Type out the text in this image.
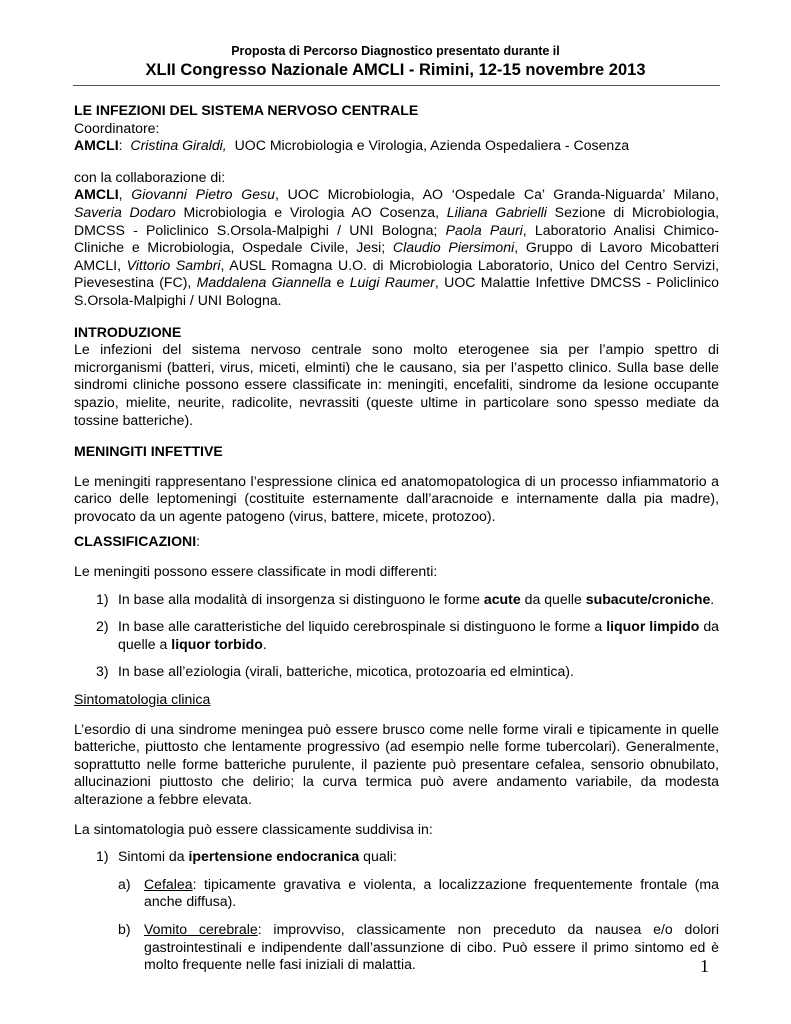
Proposta di Percorso Diagnostico presentato durante il
XLII Congresso Nazionale AMCLI - Rimini, 12-15 novembre 2013

LE INFEZIONI DEL SISTEMA NERVOSO CENTRALE

Coordinatore:

AMCLI: Cristina Giraldi, UOC Microbiologia e Virologia, Azienda Ospedaliera - Cosenza

con la collaborazione di:

AMCLI, Giovanni Pietro Gesu, UOC Microbiologia, AO ‘Ospedale Ca’ Granda-Niguarda’ Milano, Saveria Dodaro Microbiologia e Virologia AO Cosenza, Liliana Gabrielli Sezione di Microbiologia, DMCSS - Policlinico S.Orsola-Malpighi / UNI Bologna; Paola Pauri, Laboratorio Analisi Chimico-Cliniche e Microbiologia, Ospedale Civile, Jesi; Claudio Piersimoni, Gruppo di Lavoro Micobatteri AMCLI, Vittorio Sambri, AUSL Romagna U.O. di Microbiologia Laboratorio, Unico del Centro Servizi, Pievesestina (FC), Maddalena Giannella e Luigi Raumer, UOC Malattie Infettive DMCSS - Policlinico S.Orsola-Malpighi / UNI Bologna.

INTRODUZIONE

Le infezioni del sistema nervoso centrale sono molto eterogenee sia per l’ampio spettro di microrganismi (batteri, virus, miceti, elminti) che le causano, sia per l’aspetto clinico. Sulla base delle sindromi cliniche possono essere classificate in: meningiti, encefaliti, sindrome da lesione occupante spazio, mielite, neurite, radicolite, nevrassiti (queste ultime in particolare sono spesso mediate da tossine batteriche).

MENINGITI INFETTIVE

Le meningiti rappresentano l’espressione clinica ed anatomopatologica di un processo infiammatorio a carico delle leptomeningi (costituite esternamente dall’aracnoide e internamente dalla pia madre), provocato da un agente patogeno (virus, battere, micete, protozoo).

CLASSIFICAZIONI:

Le meningiti possono essere classificate in modi differenti:

1) In base alla modalità di insorgenza si distinguono le forme acute da quelle subacute/croniche.
2) In base alle caratteristiche del liquido cerebrospinale si distinguono le forme a liquor limpido da quelle a liquor torbido.
3) In base all’eziologia (virali, batteriche, micotica, protozoaria ed elmintica).

Sintomatologia clinica

L’esordio di una sindrome meningea può essere brusco come nelle forme virali e tipicamente in quelle batteriche, piuttosto che lentamente progressivo (ad esempio nelle forme tubercolari). Generalmente, soprattutto nelle forme batteriche purulente, il paziente può presentare cefalea, sensorio obnubilato, allucinazioni piuttosto che delirio; la curva termica può avere andamento variabile, da modesta alterazione a febbre elevata.

La sintomatologia può essere classicamente suddivisa in:

1) Sintomi da ipertensione endocranica quali:
a) Cefalea: tipicamente gravativa e violenta, a localizzazione frequentemente frontale (ma anche diffusa).
b) Vomito cerebrale: improvviso, classicamente non preceduto da nausea e/o dolori gastrointestinali e indipendente dall’assunzione di cibo. Può essere il primo sintomo ed è molto frequente nelle fasi iniziali di malattia.	1
